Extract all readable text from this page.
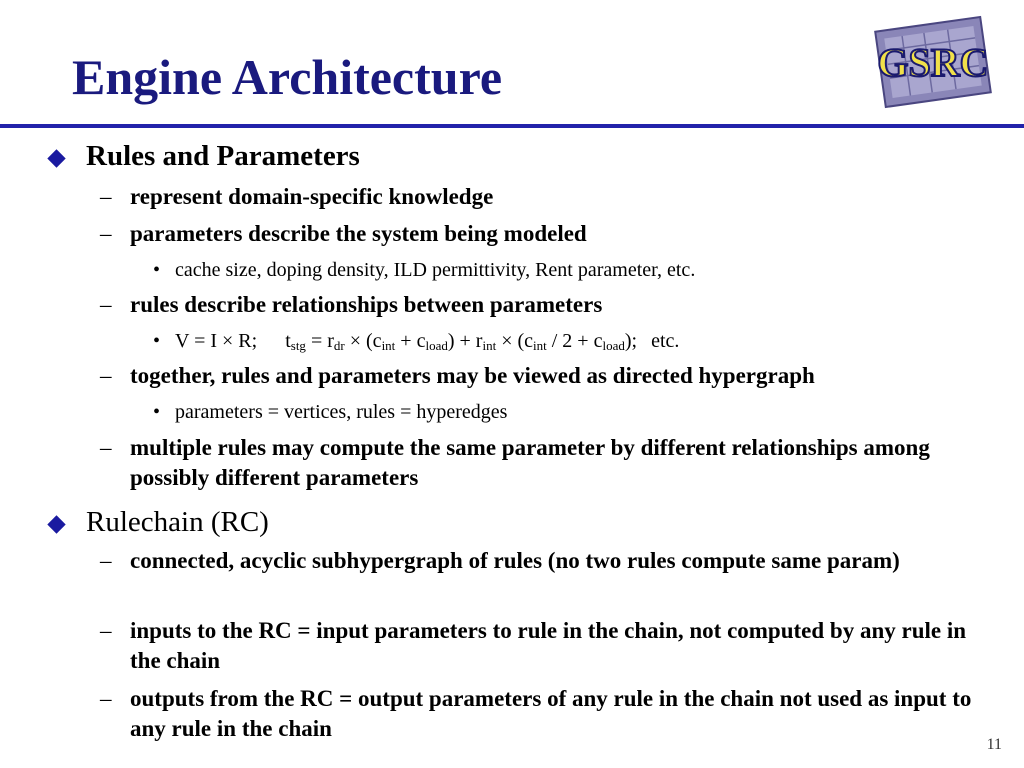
Engine Architecture	GSRC
Rules and Parameters
– represent domain-specific knowledge
– parameters describe the system being modeled
• cache size, doping density, ILD permittivity, Rent parameter, etc.
– rules describe relationships between parameters
• V = I × R; $t_{stg} = r_{dr} \times (c_{int} + c_{load}) + r_{int} \times (c_{int} / 2 + c_{load})$; etc.
– together, rules and parameters may be viewed as directed hypergraph
• parameters = vertices, rules = hyperedges
– multiple rules may compute the same parameter by different relationships among possibly different parameters
Rulechain (RC)
– connected, acyclic subhypergraph of rules (no two rules compute same param)
– inputs to the RC = input parameters to rule in the chain, not computed by any rule in the chain
– outputs from the RC = output parameters of any rule in the chain not used as input to any rule in the chain
11
